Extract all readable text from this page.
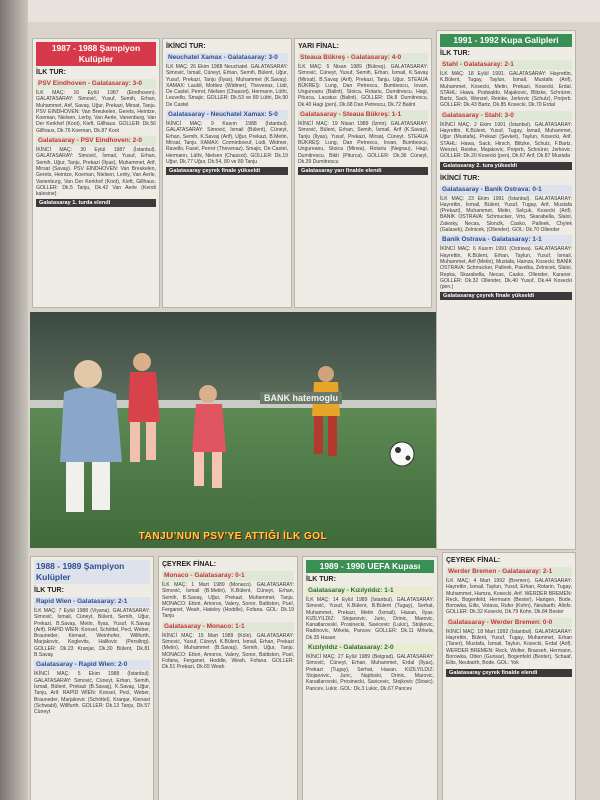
1987 - 1988 Şampiyon Kulüpler
İLK TUR:
PSV Eindhoven - Galatasaray: 3-0

İLK MAÇ: 16 Eylül 1987 (Eindhoven). GALATASARAY: Simović, Yusuf, Semih, Erhan, Muhammet, Arif, Savaş, Uğur, Prekazi, Mirsat, Tanju. PSV EINDHOVEN: Van Breukelen, Gerets, Heintze, Koeman, Nielsen, Lerby, Van Aerle, Vanenburg, Van Der Kerkhof (Koot), Kieft, Gillhaus. GOLLER: Dk.56 Gillhaus, Dk.76 Koeman, Dk.87 Koot

Galatasaray - PSV Eindhoven: 2-0

İKİNCİ MAÇ: 30 Eylül 1987 (İstanbul). GALATASARAY: Simović, İsmail, Yusuf, Erhan, Semih, Uğur, Tanju, Prekazi (İlyas), Muhammet, Arif, Mirsat (Savaş). PSV EINDHOVEN: Van Breukelen, Gerets, Heintze, Koeman, Nielsen, Lerby, Van Aerle, Vanenburg, Van Der Kerkhof (Koot), Kieft, Gillhaus. GOLLER: Dk.5 Tanju, Dk.42 Van Aerle (Kendi kalesine)

Galatasaray 1. turda elendi
İKİNCİ TUR:
Neuchatel Xamax - Galatasaray: 3-0

İLK MAÇ: 26 Ekim 1988 Neuchatel. GALATASARAY: Simović, İsmail, Cüneyt, Erhan, Semih, Bülent, Uğur, Yusuf, Prekazi, Tanju (İlyas), Muhammet (K.Savaş). XAMAX: Laubli, Mottiez (Widmer), Thevenaz, Lüdi, De Castel, Perret, Nielsen (Chassot), Hermann, Lüthi, Leuvello, Smajic. GOLLER: Dk.53 ve 89 Lüthi, Dk.90 De Castel

Galatasaray - Neuchatel Xamax: 5-0

İKİNCİ MAÇ: 9 Kasım 1988 (İstanbul). GALATASARAY: Simović, İsmail (Bülent), Cüneyt, Erhan, Semih, K.Savaş (Arif), Uğur, Prekazi, B.Metin, Mirsat, Tanju. XAMAX: Corminboeuf, Lüdi, Widmer, Ravello, Fasel, Perret (Thevenaz), Smajic, De Castel, Hermann, Lüthi, Nielsen (Chassot). GOLLER: Dk.19 Uğur, Dk.77 Uğur, Dk.54, 80 ve 89 Tanju

Galatasaray çeyrek finale yükseldi
YARI FİNAL:
Steaua Bükreş - Galatasaray: 4-0

İLK MAÇ: 5 Nisan 1989 (Bükreş). GALATASARAY: Simović, Cüneyt, Yusuf, Semih, Erhan, İsmail, K.Savaş (Mirsat), B.Savaş (Arif), Prekazi, Tanju, Uğur. STEAUA BÜKREŞ: Lung, Dan Petrescu, Bumbescu, Iovan, Ungureanu (Balint), Stoica, Rotariu, Dumitrescu, Hagi, Piturca, Lacatus (Balint). GOLLER: Dk.8 Dumitrescu, Dk.40 Hagi (pen), Dk.68 Dan Petrescu, Dk.72 Balint

Galatasaray - Steaua Bükreş: 1-1

İKİNCİ MAÇ: 19 Nisan 1989 (İzmir). GALATASARAY: Simović, Bülent, Erhan, Semih, İsmail, Arif (K.Savaş), Tanju (İlyas), Yusuf, Prekazi, Mirsat, Cüneyt. STEAUA BÜKREŞ: Lung, Dan Petrescu, Iovan, Bumbescu, Ungureanu, Stoica (Minea), Rotariu (Negrau), Hagi, Dumitrescu, Bikti (Piturca). GOLLER: Dk.36 Cüneyt, Dk.39 Dumitrescu

Galatasaray yarı finalde elendi
1991 - 1992 Kupa Galipleri
İLK TUR:
Stahl - Galatasaray: 2-1

İLK MAÇ: 18 Eylül 1991. GALATASARAY: Hayrettin, K.Bülent, Tugay, Taylun, İsmail, Mustafa (Arif), Muhammet, Kosecki, Metin, Prekazi, Kosecki, Erdal. STAHL: Hawa, Podsialdo, Majakovic, Blitzke, Schnürer, Bartz, Sack, Wenzel, Reinke, Jerkovic (Schulz), Porjerb. GOLLER: Dk.43 Bartz, Dk.85 Kosecki, Dk.70 Erdal

Galatasaray - Stahl: 3-0

İKİNCİ MAÇ: 2 Ekim 1991 (İstanbul). GALATASARAY: Hayrettin, K.Bülent, Yusuf, Tugay, İsmail, Muhammet, Uğur (Mustafa), Prekazi (Şevket), Taylun, Kosecki, Arif. STAHL: Hawa, Sack, Hirsch, Blitzke, Schulz, F.Bartz, Wenzel, Reinke, Majakovic, Porjerb, Schnürer, Jerkovic. GOLLER: Dk.20 Kosecki (pen), Dk.67 Arif, Dk.87 Mustafa

Galatasaray 2. tura yükseldi
İKİNCİ TUR:
Galatasaray - Banik Ostrava: 0-1

İLK MAÇ: 23 Ekim 1991 (İstanbul). GALATASARAY: Hayrettin, İsmail, Bülent, Yusuf, Tugay, Arif, Mustafa (Prekazi), Muhammet, Metin, Selçuk, Kosecki (Arif). BANİK OSTRAVA: Schmucker, Vrto, Skarabella, Slaloi, Zalesky, Necas, Slonclk, Casko, Pallnek, Chylek (Galasek), Zelnicek, (Ollender). GOL: Dk.70 Ollender

Banik Ostrava - Galatasaray: 1-1

İKİNCİ MAÇ: 6 Kasım 1991 (Ostrava). GALATASARAY: Hayrettin, K.Bülent, Erhan, Taylun, Yusuf, İsmail, Muhammet, Arif (Metin), Mustafa, Hamza, Kosecki. BANİK OSTRAVA: Schmucker, Pallnek, Pavelka, Zelnicek, Slaloi, Repka, Skarabella, Necas, Casko, Ollender, Karaner. GOLLER: Dk.32 Ollender, Dk.40 Yusuf, Dk.44 Kosecki (pen.)

Galatasaray çeyrek finale yükseldi
BANK hatemoglu
TANJU'NUN PSV'YE ATTIĞI İLK GOL
1988 - 1989 Şampiyon Kulüpler
İLK TUR:
Rapid Wien - Galatasaray: 2-1

İLK MAÇ: 7 Eylül 1988 (Viyana). GALATASARAY: Simović, İsmail, Cüneyt, Bülent, Semih, Uğur, Prekazi, B.Savaş, Metin, İlyas, Yusuf, K.Savaş (Arif). RAPİD WİEN: Konsel, Schöttel, Pecl, Weber, Brauneder, Kienast, Weinhofer, Willfurth, Marjakovic, Keglevits, Halilovic (Persiling). GOLLER: Dk.23 Kranjar, Dk.30 Bülent, Dk.81 B.Savaş

Galatasaray - Rapid Wien: 2-0

İKİNCİ MAÇ: 5 Ekim 1988 (İstanbul). GALATASARAY: Simović, Cüneyt, Erhan, Semih, İsmail, Bülent, Prekazi (B.Savaş), K.Savaş, Uğur, Tanju, Arif. RAPİD WİEN: Konsel, Pecl, Weber, Brauneder, Marjakovic (Schöttel), Kranjar, Kienast (Schwabl), Willfurth. GOLLER: Dk.13 Tanju, Dk.57 Cüneyt

ÇEYREK FİNAL:
Monaco - Galatasaray: 0-1

İLK MAÇ: 1 Mart 1989 (Monaco). GALATASARAY: Simović, İsmail (B.Metin), K.Bülent, Cüneyt, Erhan, Semih, B.Savaş, Uğur, Prekazi, Muhammet, Tanju. MONACO: Ettori, Amoros, Valery, Sonor, Battiston, Puel, Ferganet, Weah, Hateley (Hoddle), Fofana. GOL: Dk.19 Tanju

Galatasaray - Monaco: 1-1

İKİNCİ MAÇ: 15 Mart 1989 (Köln). GALATASARAY: Simović, Yusuf, Cüneyt, K.Bülent, İsmail, Erhan, Prekazi (Metin), Muhammet (B.Savaş), Semih, Uğur, Tanju. MONACO: Ettori, Amoros, Valery, Sonor, Battiston, Puel, Fofana, Ferganet, Hoddle, Weah, Fofana. GOLLER: Dk.51 Prekazi, Dk.65 Weah

1989 - 1990 UEFA Kupası
İLK TUR:
Galatasaray - Kızılyıldız: 1-1

İLK MAÇ: 14 Eylül 1989 (İstanbul). GALATASARAY: Simović, Yusuf, K.Bülent, B.Bülent (Tugay), Serhat, Muhammet, Prekazi, Metin (İsmail), Hasan, İlyas. KIZILYILDIZ: Stojanovic, Juric, Drinic, Marovic, Kanatlarovski, Prosinecki, Savicevic (Lukic), Stojkovic, Radinovic, Mrkela, Pancev. GOLLER: Dk.11 Mrkela, Dk.35 Hasan

Kızılyıldız - Galatasaray: 2-0

İKİNCİ MAÇ: 27 Eylül 1989 (Belgrad). GALATASARAY: Simović, Cüneyt, Erhan, Muhammet, Erdal (İlyas), Prekazi (Tugay), Serhat, Hasan. KIZILYILDIZ: Stojanovic, Juric, Najdoski, Drinic, Marovic, Kanatlarovski, Prosinecki, Savicevic, Stojkovic (Stosic), Pancev, Lukic. GOL: Dk.3 Lukic, Dk.67 Pancev

ÇEYREK FİNAL:
Werder Bremen - Galatasaray: 2-1

İLK MAÇ: 4 Mart 1992 (Bremen). GALATASARAY: Hayrettin, İsmail, Taylun, Yusuf, Erhan, Rotarin, Tugay, Muhammet, Hamza, Kosecki, Arif. WERDER BREMEN: Reck, Bogenfeld, Hermann (Bester), Hartgen, Bode, Borowka, Eilts, Votava, Rufer (Kohn), Neubarth, Allofs. GOLLER: Dk.32 Kosecki, Dk.79 Kohn, Dk.84 Bester

Galatasaray - Werder Bremen: 0-0

İKİNCİ MAÇ: 18 Mart 1992 (İstanbul). GALATASARAY: Hayrettin, Bülent, Yusuf, Tugay, Muhammet, Erhan (Taner), Mustafa, İsmail, Taylun, Kosecki, Erdal (Arif). WERDER BREMEN: Reck, Wolter, Brasseh, Hermann, Borowka, Otten (Gunsar), Bogenfeld (Bester), Schaaf, Eilts, Neubarth, Bode. GOL: Yok

Galatasaray çeyrek finalde elendi
